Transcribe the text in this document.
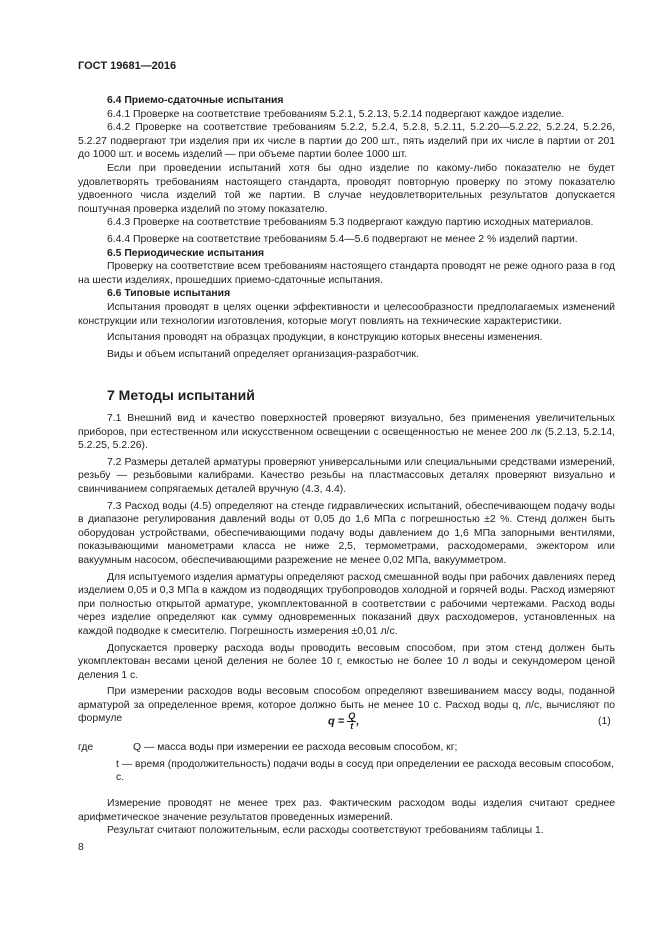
ГОСТ 19681—2016

6.4 Приемо-сдаточные испытания

6.4.1 Проверке на соответствие требованиям 5.2.1, 5.2.13, 5.2.14 подвергают каждое изделие.

6.4.2 Проверке на соответствие требованиям 5.2.2, 5.2.4, 5.2.8, 5.2.11, 5.2.20—5.2.22, 5.2.24, 5.2.26, 5.2.27 подвергают три изделия при их числе в партии до 200 шт., пять изделий при их числе в партии от 201 до 1000 шт. и восемь изделий — при объеме партии более 1000 шт.

Если при проведении испытаний хотя бы одно изделие по какому-либо показателю не будет удовлетворять требованиям настоящего стандарта, проводят повторную проверку по этому показателю удвоенного числа изделий той же партии. В случае неудовлетворительных результатов допускается поштучная проверка изделий по этому показателю.

6.4.3 Проверке на соответствие требованиям 5.3 подвергают каждую партию исходных материалов.

6.4.4 Проверке на соответствие требованиям 5.4—5.6 подвергают не менее 2 % изделий партии.

6.5 Периодические испытания

Проверку на соответствие всем требованиям настоящего стандарта проводят не реже одного раза в год на шести изделиях, прошедших приемо-сдаточные испытания.

6.6 Типовые испытания

Испытания проводят в целях оценки эффективности и целесообразности предполагаемых изменений конструкции или технологии изготовления, которые могут повлиять на технические характеристики.

Испытания проводят на образцах продукции, в конструкцию которых внесены изменения.

Виды и объем испытаний определяет организация-разработчик.

7 Методы испытаний

7.1 Внешний вид и качество поверхностей проверяют визуально, без применения увеличительных приборов, при естественном или искусственном освещении с освещенностью не менее 200 лк (5.2.13, 5.2.14, 5.2.25, 5.2.26).

7.2 Размеры деталей арматуры проверяют универсальными или специальными средствами измерений, резьбу — резьбовыми калибрами. Качество резьбы на пластмассовых деталях проверяют визуально и свинчиванием сопрягаемых деталей вручную (4.3, 4.4).

7.3 Расход воды (4.5) определяют на стенде гидравлических испытаний, обеспечивающем подачу воды в диапазоне регулирования давлений воды от 0,05 до 1,6 МПа с погрешностью ±2 %. Стенд должен быть оборудован устройствами, обеспечивающими подачу воды давлением до 1,6 МПа запорными вентилями, показывающими манометрами класса не ниже 2,5, термометрами, расходомерами, эжектором или вакуумным насосом, обеспечивающими разрежение не менее 0,02 МПа, вакуумметром.

Для испытуемого изделия арматуры определяют расход смешанной воды при рабочих давлениях перед изделием 0,05 и 0,3 МПа в каждом из подводящих трубопроводов холодной и горячей воды. Расход измеряют при полностью открытой арматуре, укомплектованной в соответствии с рабочими чертежами. Расход воды через изделие определяют как сумму одновременных показаний двух расходомеров, установленных на каждой подводке к смесителю. Погрешность измерения ±0,01 л/с.

Допускается проверку расхода воды проводить весовым способом, при этом стенд должен быть укомплектован весами ценой деления не более 10 г, емкостью не более 10 л воды и секундомером ценой деления 1 с.

При измерении расходов воды весовым способом определяют взвешиванием массу воды, поданной арматурой за определенное время, которое должно быть не менее 10 с. Расход воды q, л/с, вычисляют по формуле	$q = \frac{Q}{t}$ ,	(1)
где	Q — масса воды при измерении ее расхода весовым способом, кг;
t — время (продолжительность) подачи воды в сосуд при определении ее расхода весовым способом, с.

Измерение проводят не менее трех раз. Фактическим расходом воды изделия считают среднее арифметическое значение результатов проведенных измерений.

Результат считают положительным, если расходы соответствуют требованиям таблицы 1.

8
